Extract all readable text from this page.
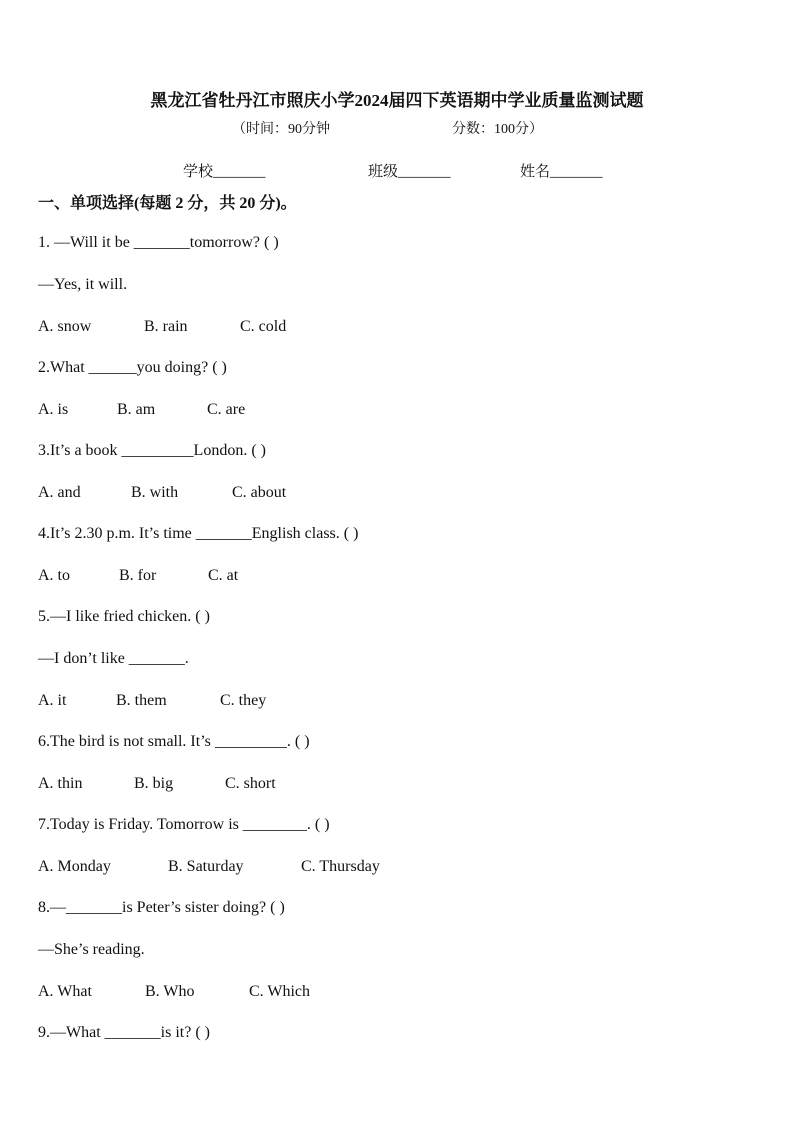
黑龙江省牡丹江市照庆小学2024届四下英语期中学业质量监测试题

（时间：90分钟

	分数：100分）

学校_______	班级_______	姓名_______
一、单项选择(每题 2 分，共 20 分)。
1. —Will it be _______tomorrow? ( )
—Yes, it will.
A. snow	B. rain	C. cold
2.What ______you doing? ( )
A. is	B. am	C. are
3.It’s a book _________London. ( )
A. and	B. with	C. about
4.It’s 2.30 p.m. It’s time _______English class. ( )
A. to	B. for	C. at
5.—I like fried chicken. ( )
—I don’t like _______.
A. it	B. them	C. they
6.The bird is not small. It’s _________. ( )
A. thin	B. big	C. short
7.Today is Friday. Tomorrow is ________. ( )
A. Monday	B. Saturday	C. Thursday
8.—_______is Peter’s sister doing? ( )
—She’s reading.
A. What	B. Who	C. Which
9.—What _______is it? ( )
